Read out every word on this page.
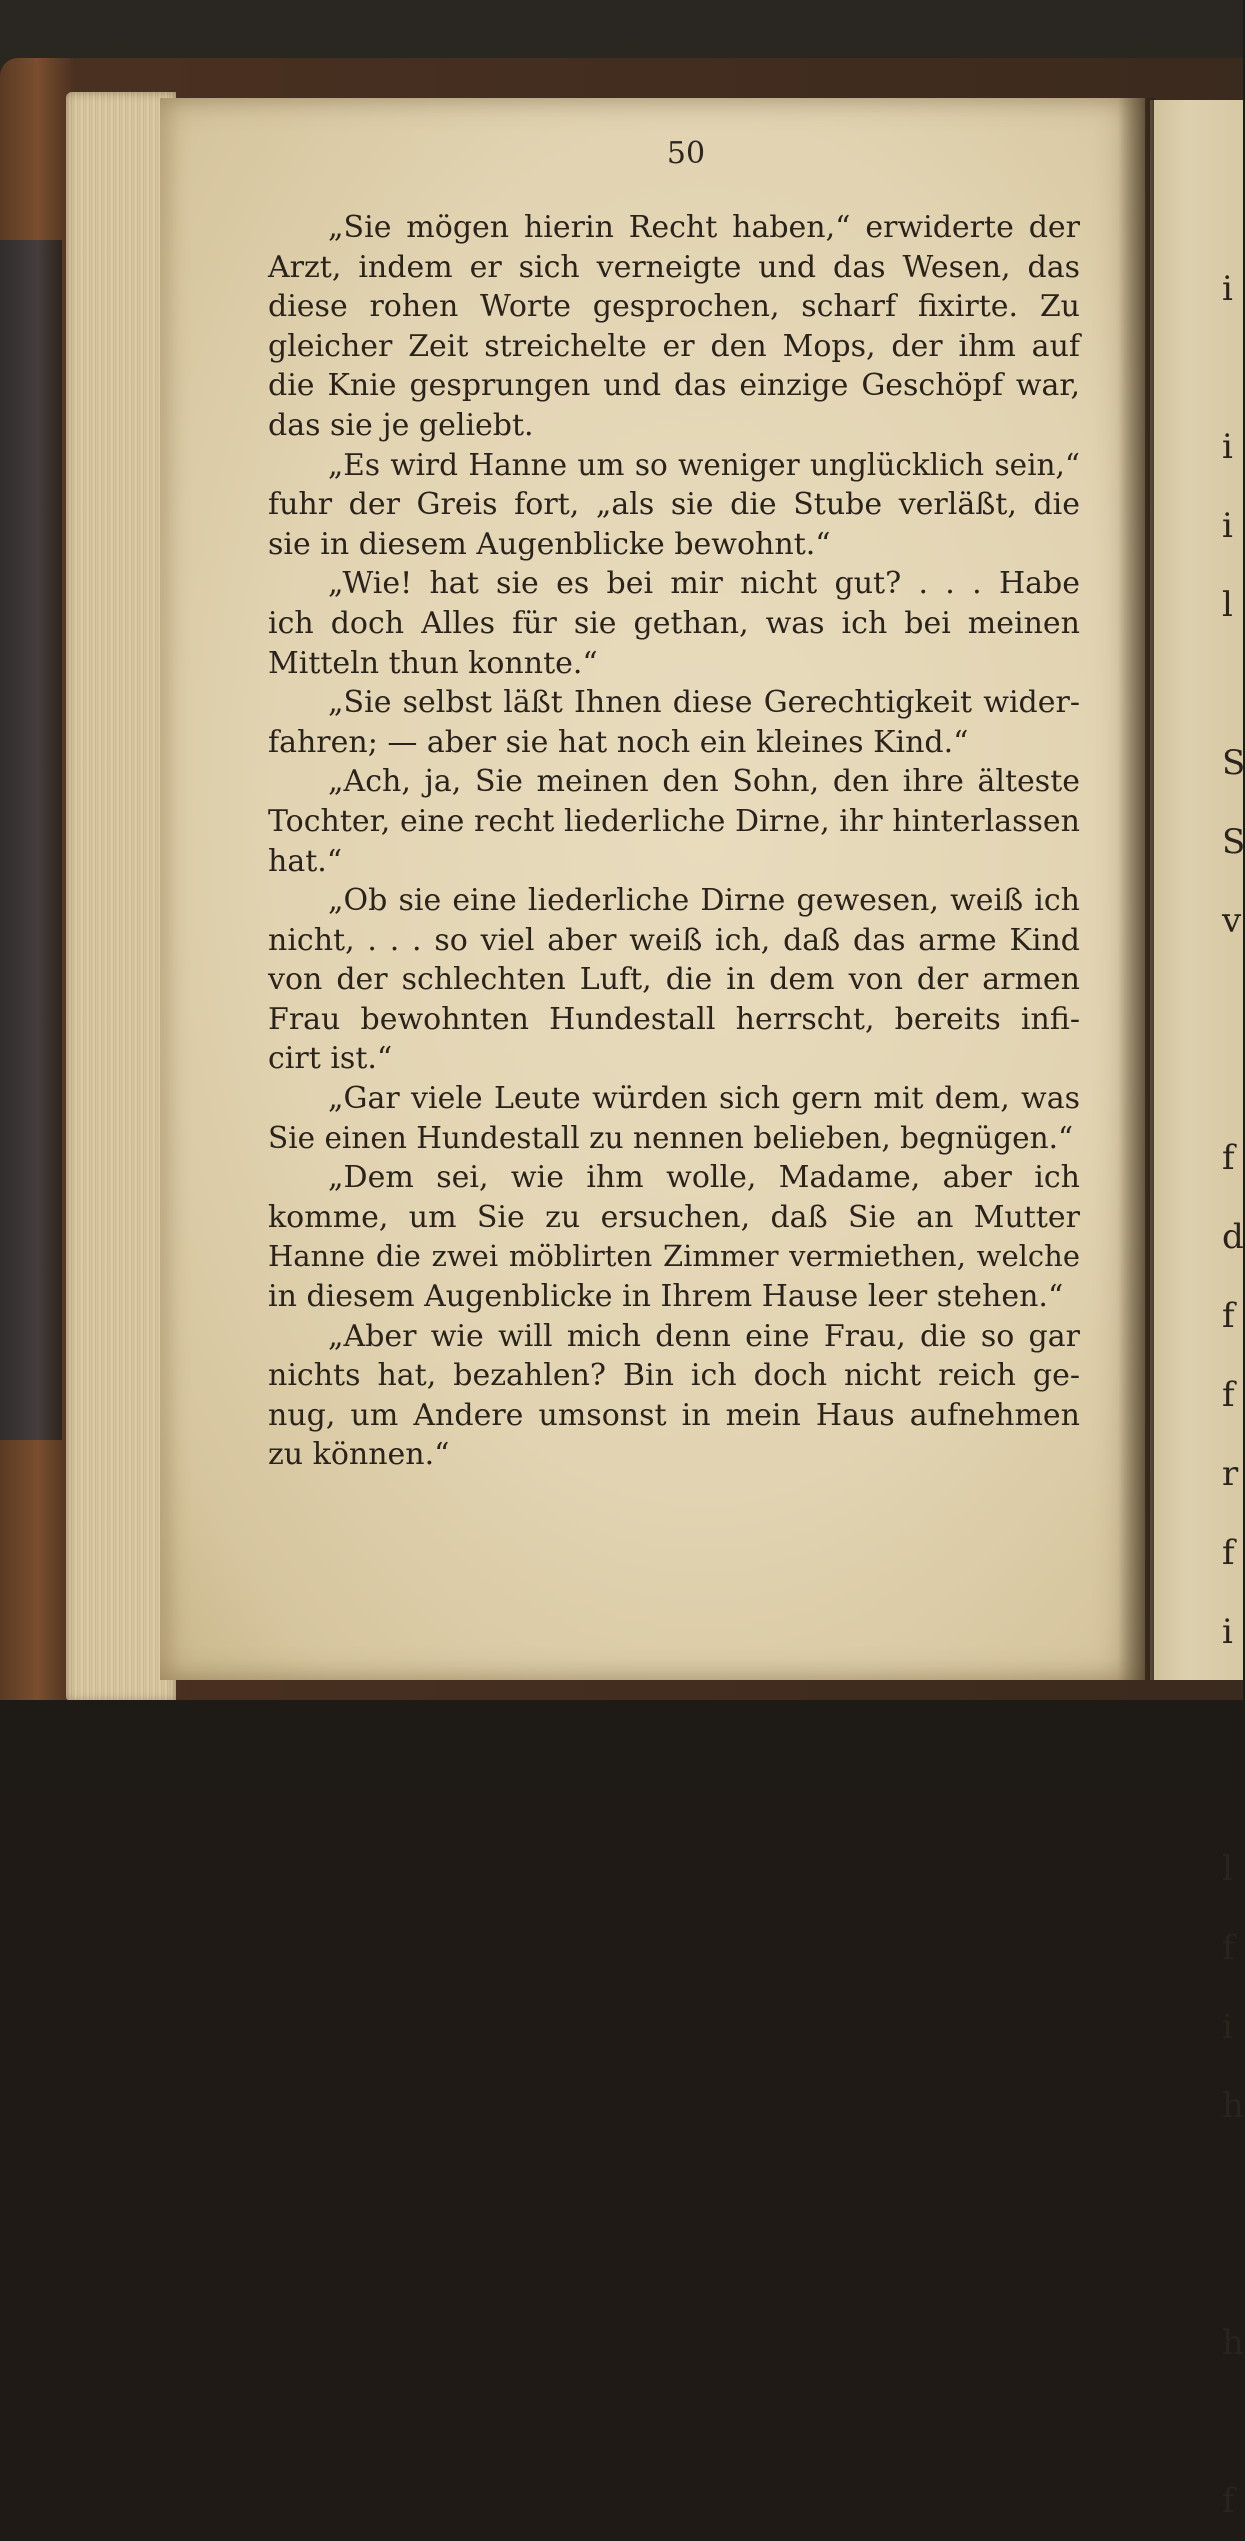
i

i
i
l

S
S
v

f
d
f
f
r
f
i

l
f
i
h

h

f
50
„Sie mögen hierin Recht haben,“ erwiderte der
Arzt, indem er sich verneigte und das Wesen, das
diese rohen Worte gesprochen, scharf fixirte. Zu
gleicher Zeit streichelte er den Mops, der ihm auf
die Knie gesprungen und das einzige Geschöpf war,
das sie je geliebt.
„Es wird Hanne um so weniger unglücklich sein,“
fuhr der Greis fort, „als sie die Stube verläßt, die
sie in diesem Augenblicke bewohnt.“
„Wie! hat sie es bei mir nicht gut? . . . Habe
ich doch Alles für sie gethan, was ich bei meinen
Mitteln thun konnte.“
„Sie selbst läßt Ihnen diese Gerechtigkeit wider-
fahren; — aber sie hat noch ein kleines Kind.“
„Ach, ja, Sie meinen den Sohn, den ihre älteste
Tochter, eine recht liederliche Dirne, ihr hinterlassen
hat.“
„Ob sie eine liederliche Dirne gewesen, weiß ich
nicht, . . . so viel aber weiß ich, daß das arme Kind
von der schlechten Luft, die in dem von der armen
Frau bewohnten Hundestall herrscht, bereits infi-
cirt ist.“
„Gar viele Leute würden sich gern mit dem, was
Sie einen Hundestall zu nennen belieben, begnügen.“
„Dem sei, wie ihm wolle, Madame, aber ich
komme, um Sie zu ersuchen, daß Sie an Mutter
Hanne die zwei möblirten Zimmer vermiethen, welche
in diesem Augenblicke in Ihrem Hause leer stehen.“
„Aber wie will mich denn eine Frau, die so gar
nichts hat, bezahlen? Bin ich doch nicht reich ge-
nug, um Andere umsonst in mein Haus aufnehmen
zu können.“
